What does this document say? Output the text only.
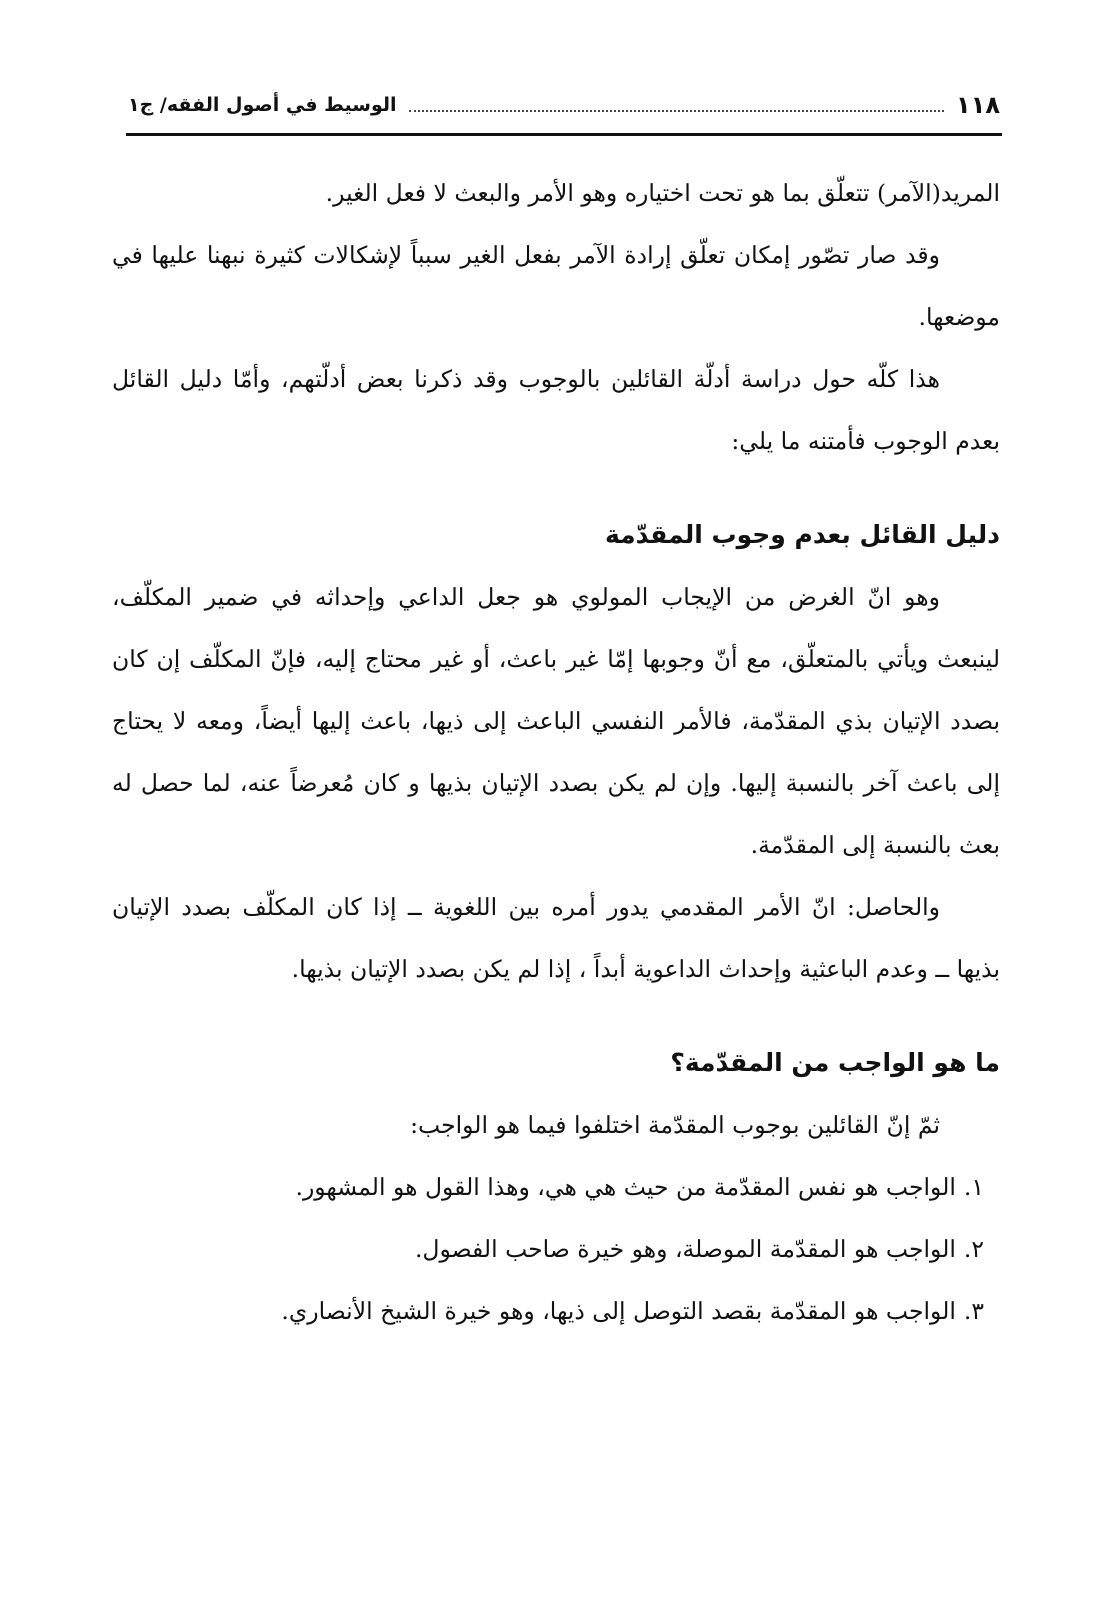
١١٨
الوسيط في أصول الفقه/ ج١

المريد(الآمر) تتعلّق بما هو تحت اختياره وهو الأمر والبعث لا فعل الغير.

وقد صار تصّور إمكان تعلّق إرادة الآمر بفعل الغير سبباً لإشكالات كثيرة نبهنا عليها في موضعها.

هذا كلّه حول دراسة أدلّة القائلين بالوجوب وقد ذكرنا بعض أدلّتهم، وأمّا دليل القائل بعدم الوجوب فأمتنه ما يلي:

دليل القائل بعدم وجوب المقدّمة

وهو انّ الغرض من الإيجاب المولوي هو جعل الداعي وإحداثه في ضمير المكلّف، لينبعث ويأتي بالمتعلّق، مع أنّ وجوبها إمّا غير باعث، أو غير محتاج إليه، فإنّ المكلّف إن كان بصدد الإتيان بذي المقدّمة، فالأمر النفسي الباعث إلى ذيها، باعث إليها أيضاً، ومعه لا يحتاج إلى باعث آخر بالنسبة إليها. وإن لم يكن بصدد الإتيان بذيها و كان مُعرضاً عنه، لما حصل له بعث بالنسبة إلى المقدّمة.

والحاصل: انّ الأمر المقدمي يدور أمره بين اللغوية ــ إذا كان المكلّف بصدد الإتيان بذيها ــ وعدم الباعثية وإحداث الداعوية أبداً ، إذا لم يكن بصدد الإتيان بذيها.

ما هو الواجب من المقدّمة؟

ثمّ إنّ القائلين بوجوب المقدّمة اختلفوا فيما هو الواجب:

١.الواجب هو نفس المقدّمة من حيث هي هي، وهذا القول هو المشهور.

٢.الواجب هو المقدّمة الموصلة، وهو خيرة صاحب الفصول.

٣.الواجب هو المقدّمة بقصد التوصل إلى ذيها، وهو خيرة الشيخ الأنصاري.
